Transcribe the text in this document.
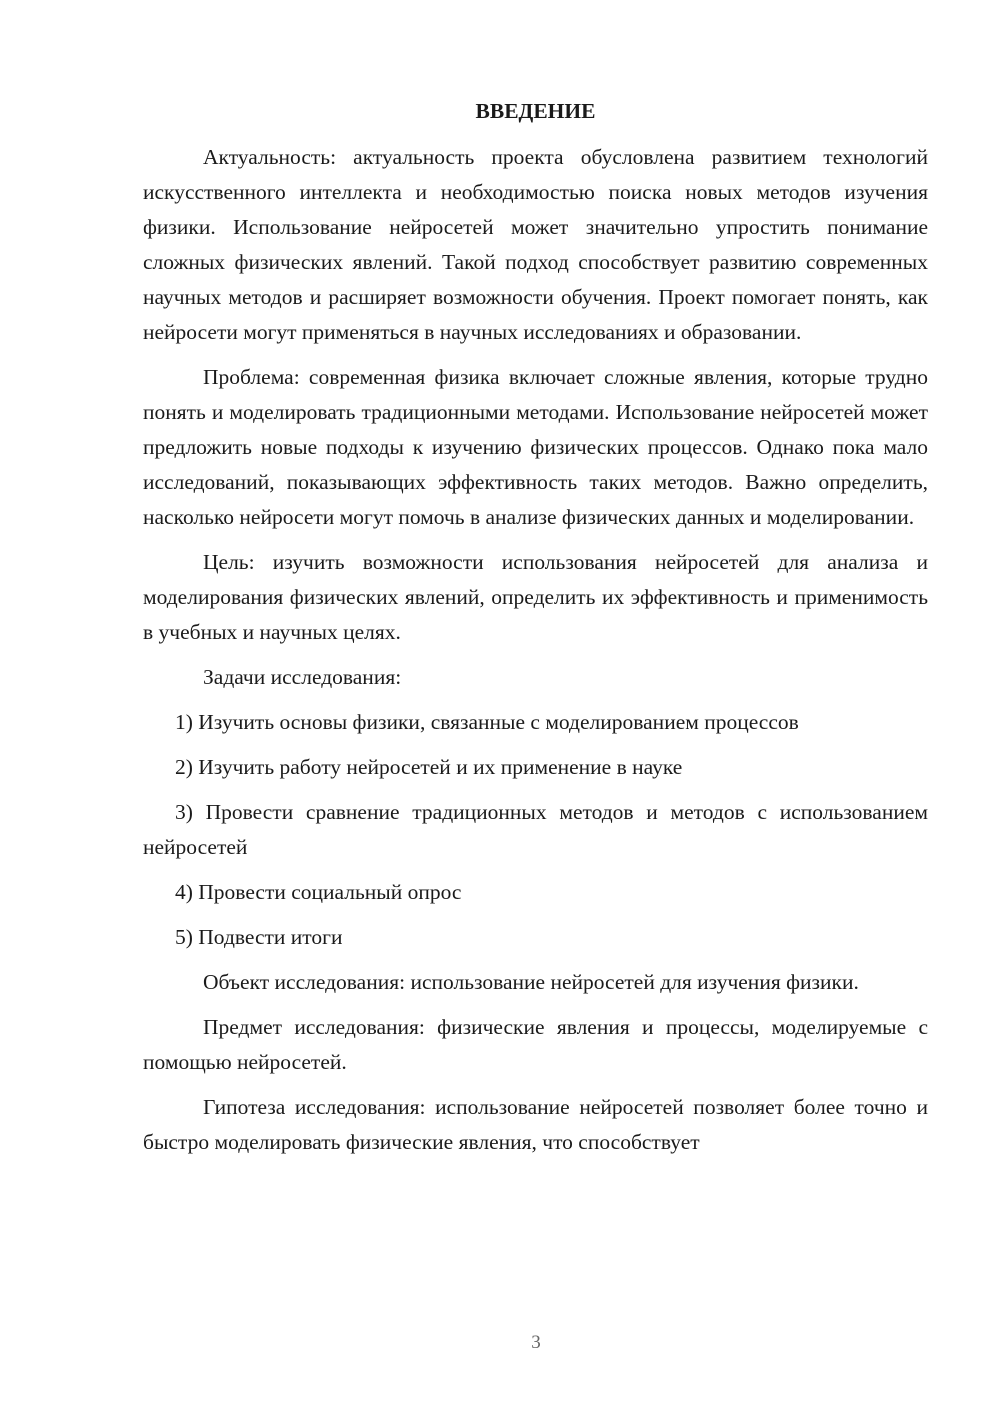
ВВЕДЕНИЕ

Актуальность: актуальность проекта обусловлена развитием технологий искусственного интеллекта и необходимостью поиска новых методов изучения физики. Использование нейросетей может значительно упростить понимание сложных физических явлений. Такой подход способствует развитию современных научных методов и расширяет возможности обучения. Проект помогает понять, как нейросети могут применяться в научных исследованиях и образовании.

Проблема: современная физика включает сложные явления, которые трудно понять и моделировать традиционными методами. Использование нейросетей может предложить новые подходы к изучению физических процессов. Однако пока мало исследований, показывающих эффективность таких методов. Важно определить, насколько нейросети могут помочь в анализе физических данных и моделировании.

Цель: изучить возможности использования нейросетей для анализа и моделирования физических явлений, определить их эффективность и применимость в учебных и научных целях.

Задачи исследования:

1) Изучить основы физики, связанные с моделированием процессов

2) Изучить работу нейросетей и их применение в науке

3) Провести сравнение традиционных методов и методов с использованием нейросетей

4) Провести социальный опрос

5) Подвести итоги

Объект исследования: использование нейросетей для изучения физики.

Предмет исследования: физические явления и процессы, моделируемые с помощью нейросетей.

Гипотеза исследования: использование нейросетей позволяет более точно и быстро моделировать физические явления, что способствует

3
